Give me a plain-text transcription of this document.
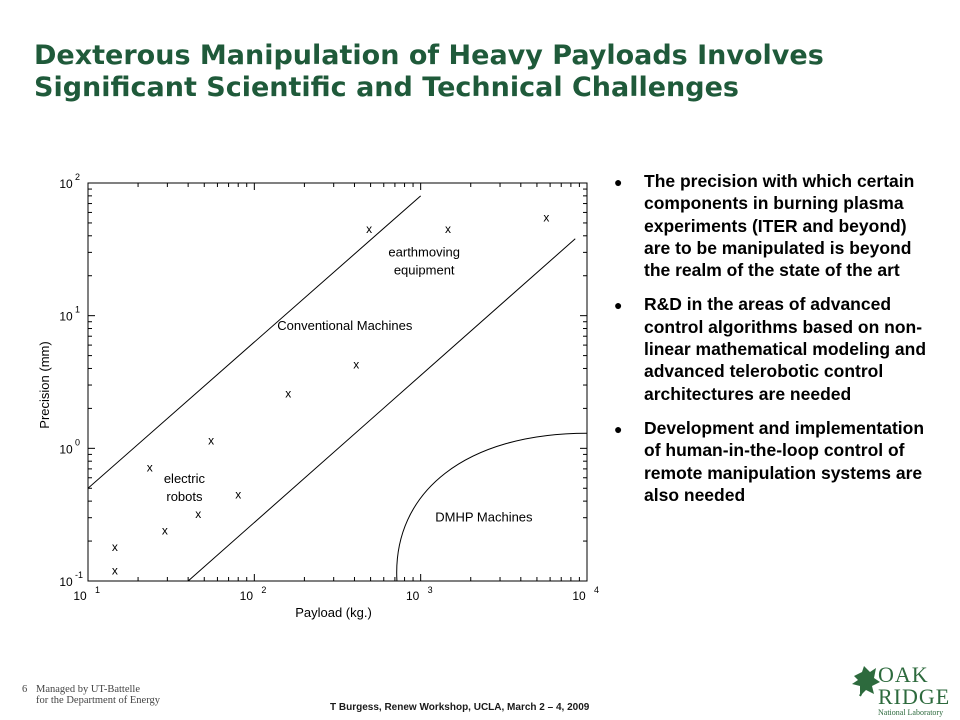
Dexterous Manipulation of Heavy Payloads Involves Significant Scientific and Technical Challenges
x
x
x
x
x
x
x
x
x
x	x
x
10 1	10 2	10 3	10 4
10 -1
10 0
10 1
10 2
Payload (kg.)
Precision (mm)
earthmoving equipment
Conventional Machines
electric robots
DMHP Machines
● The precision with which certain components in burning plasma experiments (ITER and beyond) are to be manipulated is beyond the realm of the state of the art
● R&D in the areas of advanced control algorithms based on non-linear mathematical modeling and advanced telerobotic control architectures are needed
● Development and implementation of human-in-the-loop control of remote manipulation systems are also needed
6 Managed by UT-Battelle
for the Department of Energy
T Burgess, Renew Workshop, UCLA, March 2 – 4, 2009
OAK
RIDGE
National Laboratory
